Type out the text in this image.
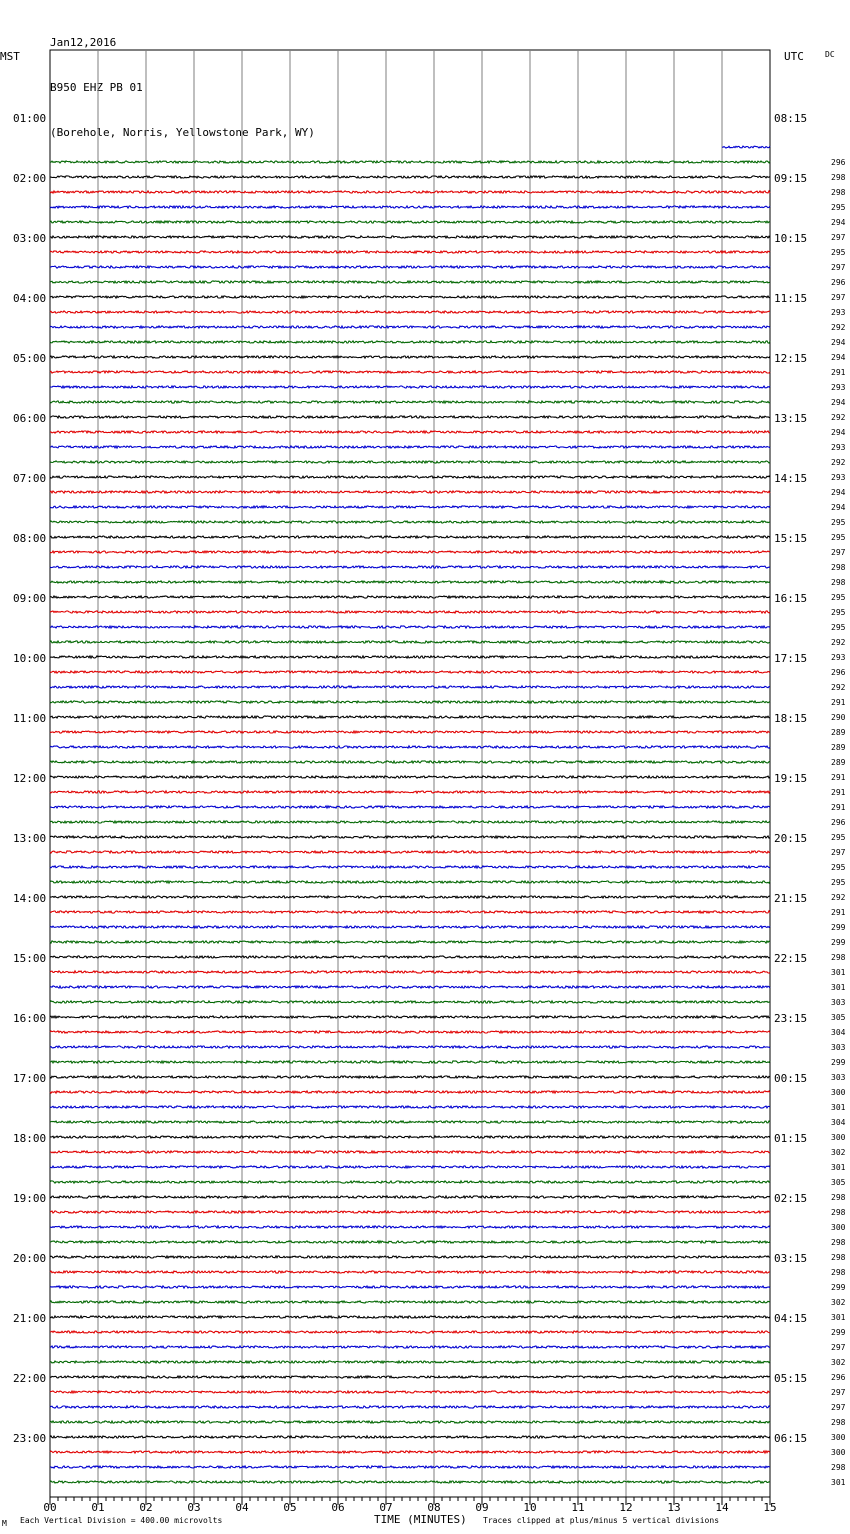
Jan12,2016

B950 EHZ PB 01

(Borehole, Norris, Yellowstone Park, WY)

01:00
02:00
03:00
04:00
05:00
06:00
07:00
08:00
09:00
10:00
11:00
12:00
13:00
14:00
15:00
16:00
17:00
18:00
19:00
20:00
21:00
22:00
23:00
08:15
09:15
10:15
11:15
12:15
13:15
14:15
15:15
16:15
17:15
18:15
19:15
20:15
21:15
22:15
23:15
00:15
01:15
02:15
03:15
04:15
05:15
06:15
296
298
298
295
294
297
295
297
296
297
293
292
294
294
291
293
294
292
294
293
292
293
294
294
295
295
297
298
298
295
295
295
292
293
296
292
291
290
289
289
289
291
291
291
296
295
297
295
295
292
291
299
299
298
301
301
303
305
304
303
299
303
300
301
304
300
302
301
305
298
298
300
298
298
298
299
302
301
299
297
302
296
297
297
298
300
300
298
301
00	01	02	03	04	05	06	07	08	09	10	11	12	13	14	15
MST	UTC	DC
TIME (MINUTES)
Each Vertical Division = 400.00 microvolts	Traces clipped at plus/minus 5 vertical divisions
M
